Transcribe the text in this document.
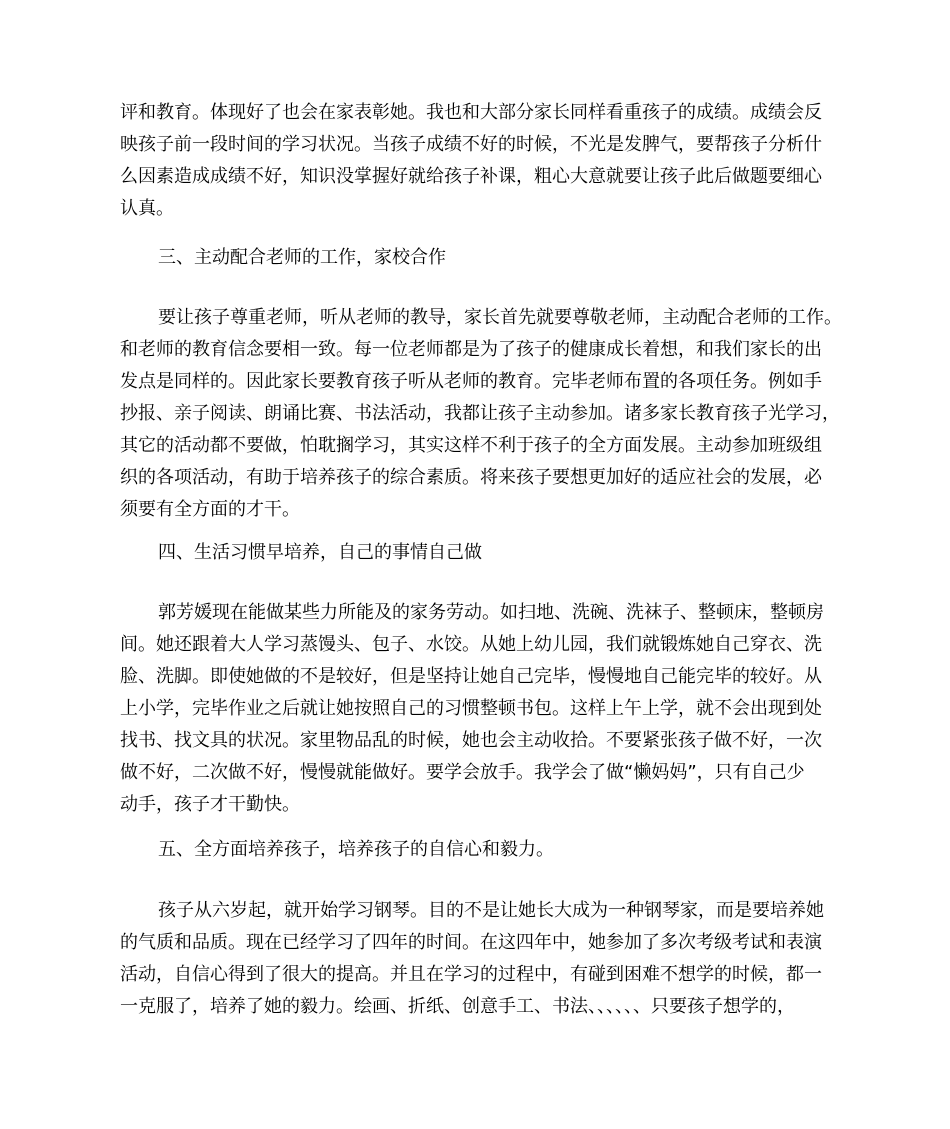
评和教育。体现好了也会在家表彰她。我也和大部分家长同样看重孩子的成绩。成绩会反
映孩子前一段时间的学习状况。当孩子成绩不好的时候，不光是发脾气，要帮孩子分析什
么因素造成成绩不好，知识没掌握好就给孩子补课，粗心大意就要让孩子此后做题要细心
认真。
三、主动配合老师的工作，家校合作
要让孩子尊重老师，听从老师的教导，家长首先就要尊敬老师，主动配合老师的工作。
和老师的教育信念要相一致。每一位老师都是为了孩子的健康成长着想，和我们家长的出
发点是同样的。因此家长要教育孩子听从老师的教育。完毕老师布置的各项任务。例如手
抄报、亲子阅读、朗诵比赛、书法活动，我都让孩子主动参加。诸多家长教育孩子光学习，
其它的活动都不要做，怕耽搁学习，其实这样不利于孩子的全方面发展。主动参加班级组
织的各项活动，有助于培养孩子的综合素质。将来孩子要想更加好的适应社会的发展，必
须要有全方面的才干。
四、生活习惯早培养，自己的事情自己做
郭芳媛现在能做某些力所能及的家务劳动。如扫地、洗碗、洗袜子、整顿床，整顿房
间。她还跟着大人学习蒸馒头、包子、水饺。从她上幼儿园，我们就锻炼她自己穿衣、洗
脸、洗脚。即使她做的不是较好，但是坚持让她自己完毕，慢慢地自己能完毕的较好。从
上小学，完毕作业之后就让她按照自己的习惯整顿书包。这样上午上学，就不会出现到处
找书、找文具的状况。家里物品乱的时候，她也会主动收拾。不要紧张孩子做不好，一次
做不好，二次做不好，慢慢就能做好。要学会放手。我学会了做“懒妈妈”，只有自己少
动手，孩子才干勤快。
五、全方面培养孩子，培养孩子的自信心和毅力。
孩子从六岁起，就开始学习钢琴。目的不是让她长大成为一种钢琴家，而是要培养她
的气质和品质。现在已经学习了四年的时间。在这四年中，她参加了多次考级考试和表演
活动，自信心得到了很大的提高。并且在学习的过程中，有碰到困难不想学的时候，都一
一克服了，培养了她的毅力。绘画、折纸、创意手工、书法、、、、、、只要孩子想学的，
